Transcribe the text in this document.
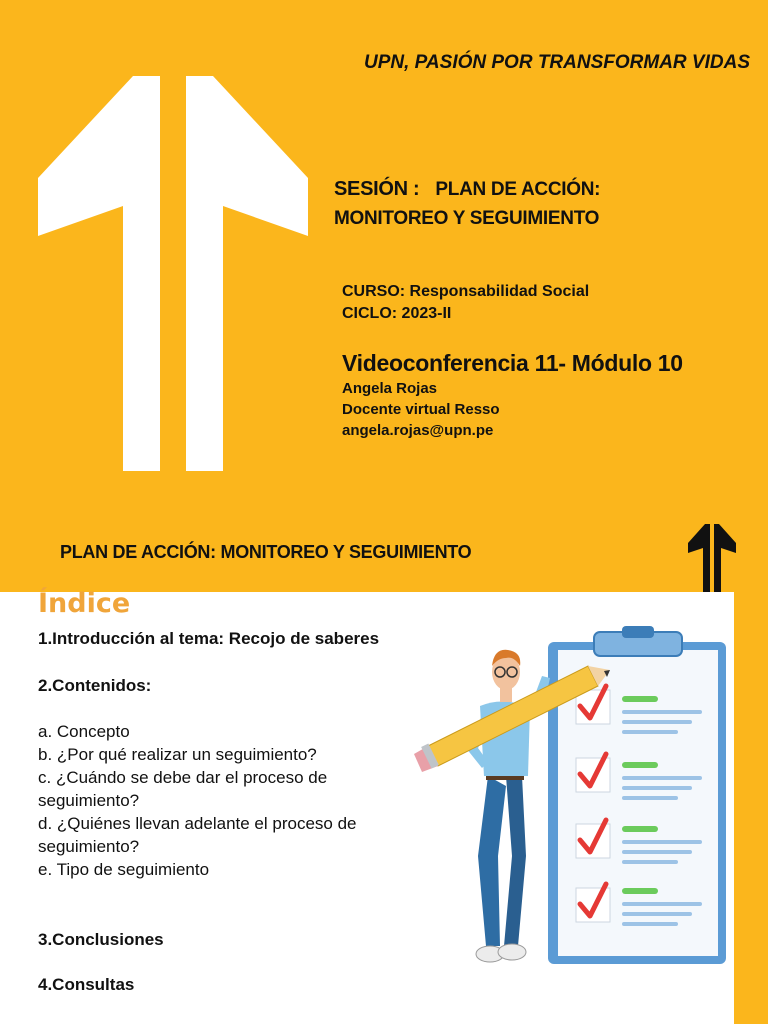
UPN, PASIÓN POR TRANSFORMAR VIDAS
SESIÓN : PLAN DE ACCIÓN:
MONITOREO Y SEGUIMIENTO
CURSO: Responsabilidad Social
CICLO: 2023-II
Videoconferencia 11- Módulo 10
Angela Rojas
Docente virtual Resso
angela.rojas@upn.pe
PLAN DE ACCIÓN: MONITOREO Y SEGUIMIENTO
Índice
1.Introducción al tema: Recojo de saberes
2.Contenidos:
a. Concepto
b. ¿Por qué realizar un seguimiento?
c. ¿Cuándo se debe dar el proceso de
seguimiento?
d. ¿Quiénes llevan adelante el proceso de
seguimiento?
e. Tipo de seguimiento
3.Conclusiones
4.Consultas
